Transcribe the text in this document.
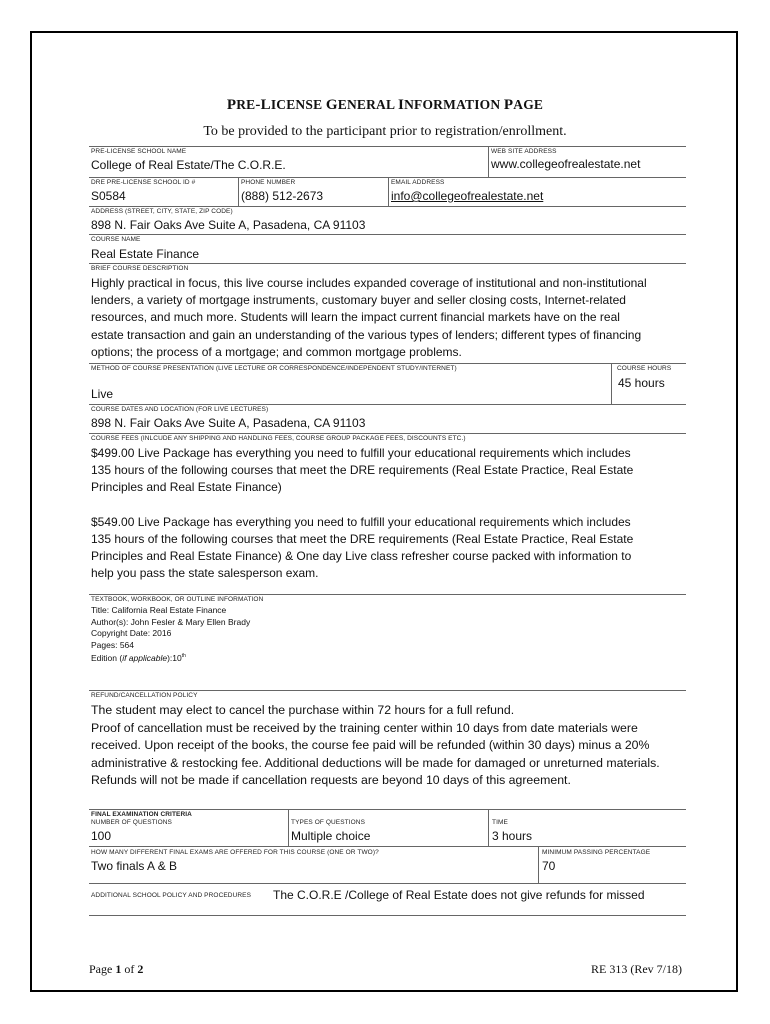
PRE-LICENSE GENERAL INFORMATION PAGE
To be provided to the participant prior to registration/enrollment.
PRE-LICENSE SCHOOL NAME
College of Real Estate/The C.O.R.E.
WEB SITE ADDRESS
www.collegeofrealestate.net
DRE PRE-LICENSE SCHOOL ID #
S0584
PHONE NUMBER
(888) 512-2673
EMAIL ADDRESS
info@collegeofrealestate.net
ADDRESS (STREET, CITY, STATE, ZIP CODE)
898 N. Fair Oaks Ave Suite A, Pasadena, CA 91103
COURSE NAME
Real Estate Finance
BRIEF COURSE DESCRIPTION
Highly practical in focus, this live course includes expanded coverage of institutional and non-institutional
lenders, a variety of mortgage instruments, customary buyer and seller closing costs, Internet-related
resources, and much more. Students will learn the impact current financial markets have on the real
estate transaction and gain an understanding of the various types of lenders; different types of financing
options; the process of a mortgage; and common mortgage problems.
METHOD OF COURSE PRESENTATION (LIVE LECTURE OR CORRESPONDENCE/INDEPENDENT STUDY/INTERNET)
Live
COURSE HOURS
45 hours
COURSE DATES AND LOCATION (FOR LIVE LECTURES)
898 N. Fair Oaks Ave Suite A, Pasadena, CA 91103
COURSE FEES (INLCUDE ANY SHIPPING AND HANDLING FEES, COURSE GROUP PACKAGE FEES, DISCOUNTS ETC.)
$499.00 Live Package has everything you need to fulfill your educational requirements which includes
135 hours of the following courses that meet the DRE requirements (Real Estate Practice, Real Estate
Principles and Real Estate Finance)
$549.00 Live Package has everything you need to fulfill your educational requirements which includes
135 hours of the following courses that meet the DRE requirements (Real Estate Practice, Real Estate
Principles and Real Estate Finance) & One day Live class refresher course packed with information to
help you pass the state salesperson exam.
TEXTBOOK, WORKBOOK, OR OUTLINE INFORMATION
Title: California Real Estate Finance
Author(s): John Fesler & Mary Ellen Brady
Copyright Date: 2016
Pages: 564
Edition (if applicable):10th
REFUND/CANCELLATION POLICY
The student may elect to cancel the purchase within 72 hours for a full refund.
Proof of cancellation must be received by the training center within 10 days from date materials were
received. Upon receipt of the books, the course fee paid will be refunded (within 30 days) minus a 20%
administrative & restocking fee. Additional deductions will be made for damaged or unreturned materials.
Refunds will not be made if cancellation requests are beyond 10 days of this agreement.
FINAL EXAMINATION CRITERIA
NUMBER OF QUESTIONS
100
TYPES OF QUESTIONS
Multiple choice
TIME
3 hours
HOW MANY DIFFERENT FINAL EXAMS ARE OFFERED FOR THIS COURSE (ONE OR TWO)?
Two finals A & B
MINIMUM PASSING PERCENTAGE
70
ADDITIONAL SCHOOL POLICY AND PROCEDURES The C.O.R.E /College of Real Estate does not give refunds for missed
Page 1 of 2	RE 313 (Rev 7/18)
